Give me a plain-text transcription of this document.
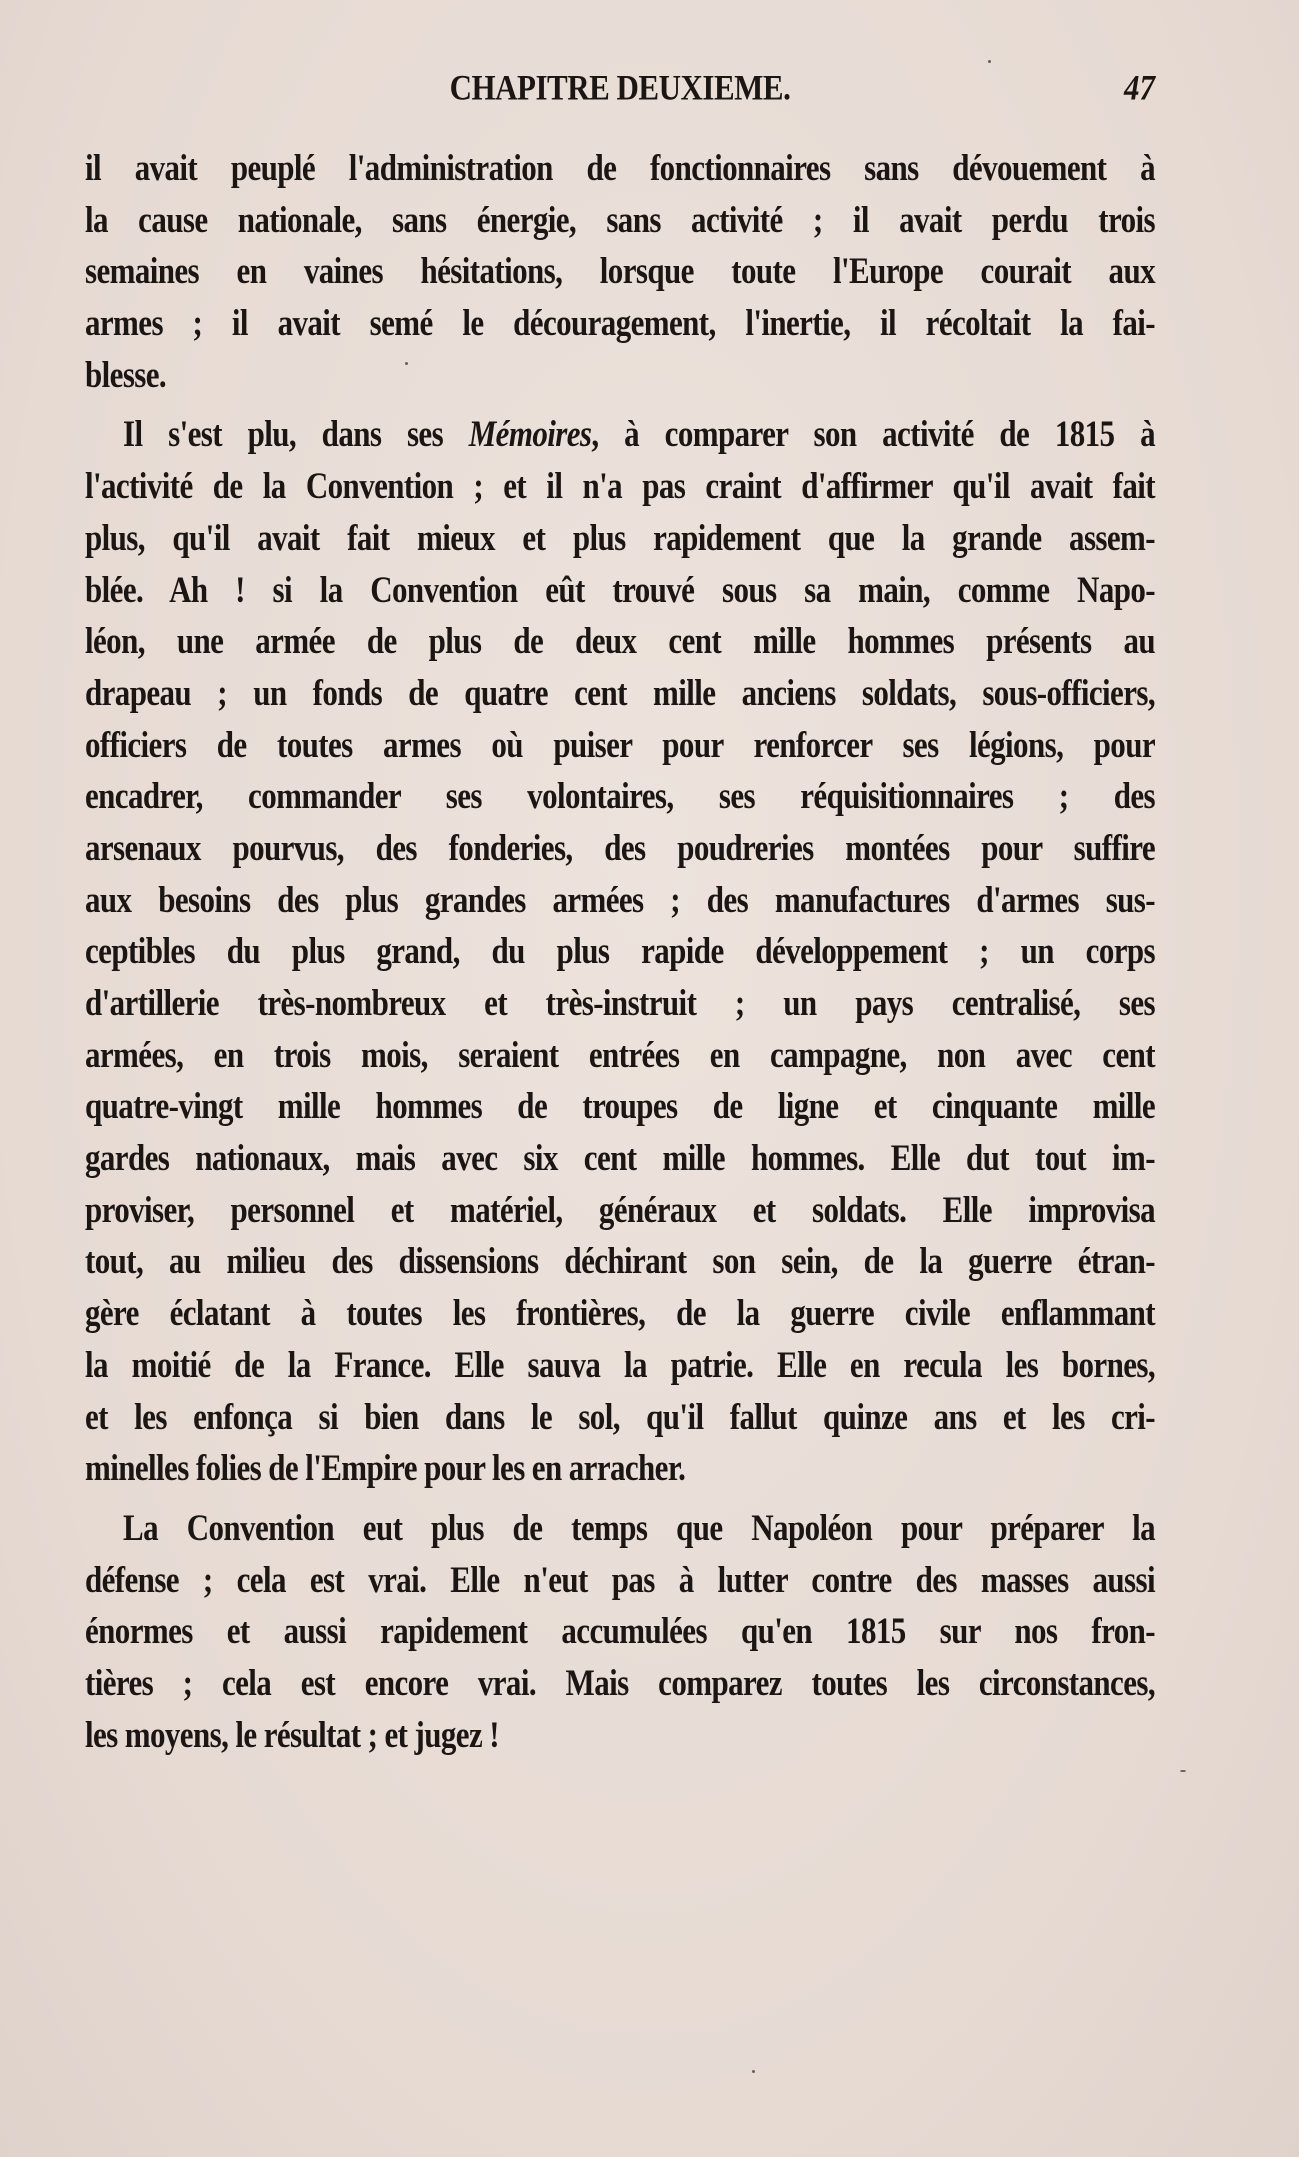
CHAPITRE DEUXIEME.	47
il avait peuplé l'administration de fonctionnaires sans dévouement à
la cause nationale, sans énergie, sans activité ; il avait perdu trois
semaines en vaines hésitations, lorsque toute l'Europe courait aux
armes ; il avait semé le découragement, l'inertie, il récoltait la fai-
blesse.
Il s'est plu, dans ses Mémoires, à comparer son activité de 1815 à
l'activité de la Convention ; et il n'a pas craint d'affirmer qu'il avait fait
plus, qu'il avait fait mieux et plus rapidement que la grande assem-
blée. Ah ! si la Convention eût trouvé sous sa main, comme Napo-
léon, une armée de plus de deux cent mille hommes présents au
drapeau ; un fonds de quatre cent mille anciens soldats, sous-officiers,
officiers de toutes armes où puiser pour renforcer ses légions, pour
encadrer, commander ses volontaires, ses réquisitionnaires ; des
arsenaux pourvus, des fonderies, des poudreries montées pour suffire
aux besoins des plus grandes armées ; des manufactures d'armes sus-
ceptibles du plus grand, du plus rapide développement ; un corps
d'artillerie très-nombreux et très-instruit ; un pays centralisé, ses
armées, en trois mois, seraient entrées en campagne, non avec cent
quatre-vingt mille hommes de troupes de ligne et cinquante mille
gardes nationaux, mais avec six cent mille hommes. Elle dut tout im-
proviser, personnel et matériel, généraux et soldats. Elle improvisa
tout, au milieu des dissensions déchirant son sein, de la guerre étran-
gère éclatant à toutes les frontières, de la guerre civile enflammant
la moitié de la France. Elle sauva la patrie. Elle en recula les bornes,
et les enfonça si bien dans le sol, qu'il fallut quinze ans et les cri-
minelles folies de l'Empire pour les en arracher.
La Convention eut plus de temps que Napoléon pour préparer la
défense ; cela est vrai. Elle n'eut pas à lutter contre des masses aussi
énormes et aussi rapidement accumulées qu'en 1815 sur nos fron-
tières ; cela est encore vrai. Mais comparez toutes les circonstances,
les moyens, le résultat ; et jugez !
